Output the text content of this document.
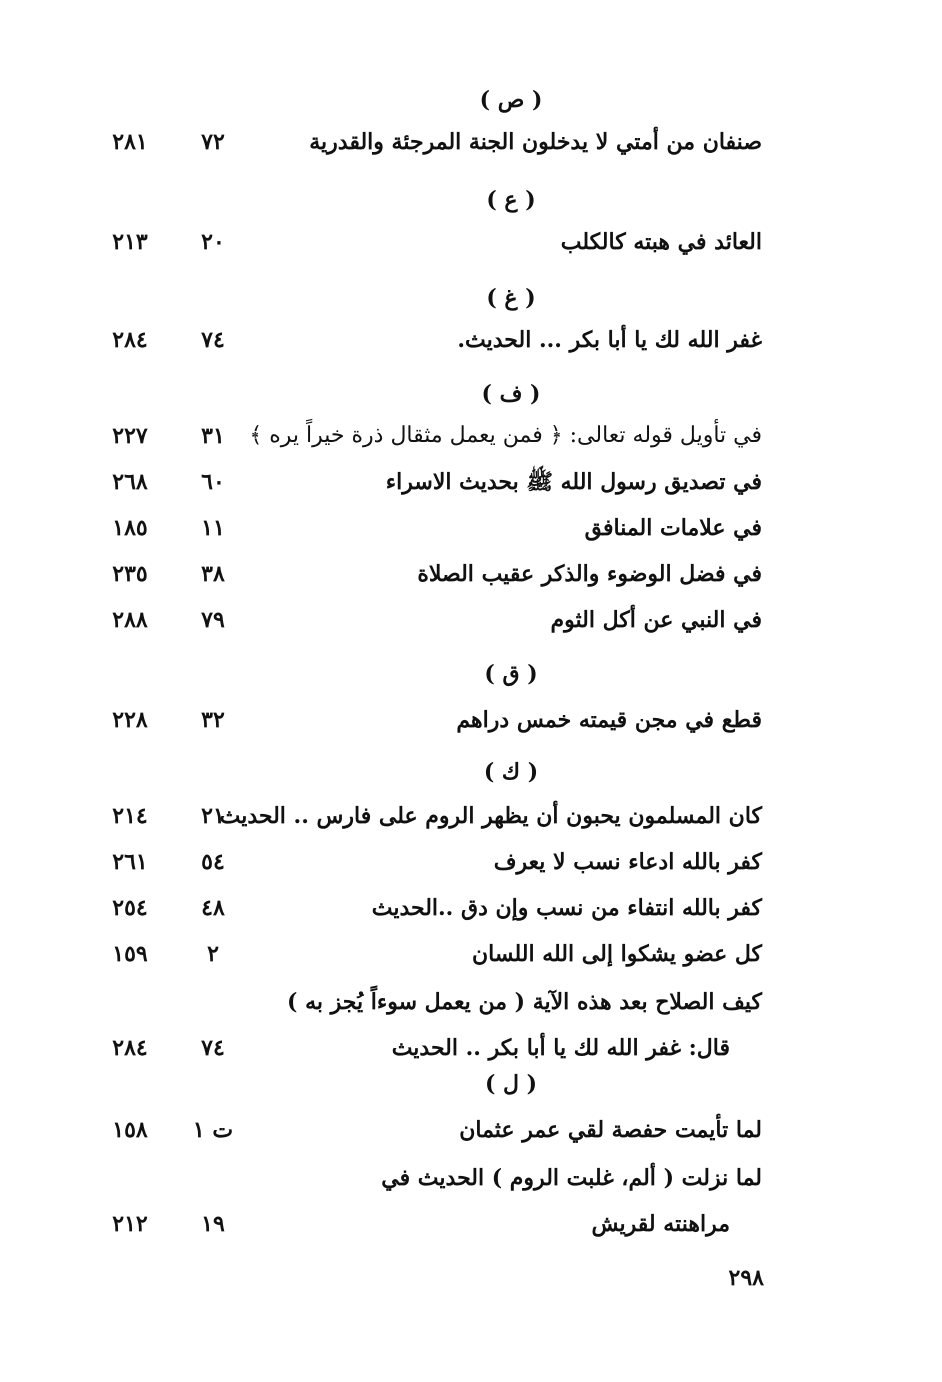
( ص )
صنفان من أمتي لا يدخلون الجنة المرجئة والقدرية
٧٢
٢٨١
( ع )
العائد في هبته كالكلب
٢٠
٢١٣
( غ )
غفر الله لك يا أبا بكر ... الحديث.
٧٤
٢٨٤
( ف )
في تأويل قوله تعالى: ﴿ فمن يعمل مثقال ذرة خيراً يره ﴾
٣١
٢٢٧
في تصديق رسول الله ﷺ بحديث الاسراء
٦٠
٢٦٨
في علامات المنافق
١١
١٨٥
في فضل الوضوء والذكر عقيب الصلاة
٣٨
٢٣٥
في النبي عن أكل الثوم
٧٩
٢٨٨
( ق )
قطع في مجن قيمته خمس دراهم
٣٢
٢٢٨
( ك )
كان المسلمون يحبون أن يظهر الروم على فارس .. الحديث
٢١
٢١٤
كفر بالله ادعاء نسب لا يعرف
٥٤
٢٦١
كفر بالله انتفاء من نسب وإن دق ..الحديث
٤٨
٢٥٤
كل عضو يشكوا إلى الله اللسان
٢
١٥٩
كيف الصلاح بعد هذه الآية ( من يعمل سوءاً يُجز به )
قال: غفر الله لك يا أبا بكر .. الحديث
٧٤
٢٨٤
( ل )
لما تأيمت حفصة لقي عمر عثمان
ت ١
١٥٨
لما نزلت ( ألم، غلبت الروم ) الحديث في
مراهنته لقريش
١٩
٢١٢
٢٩٨
